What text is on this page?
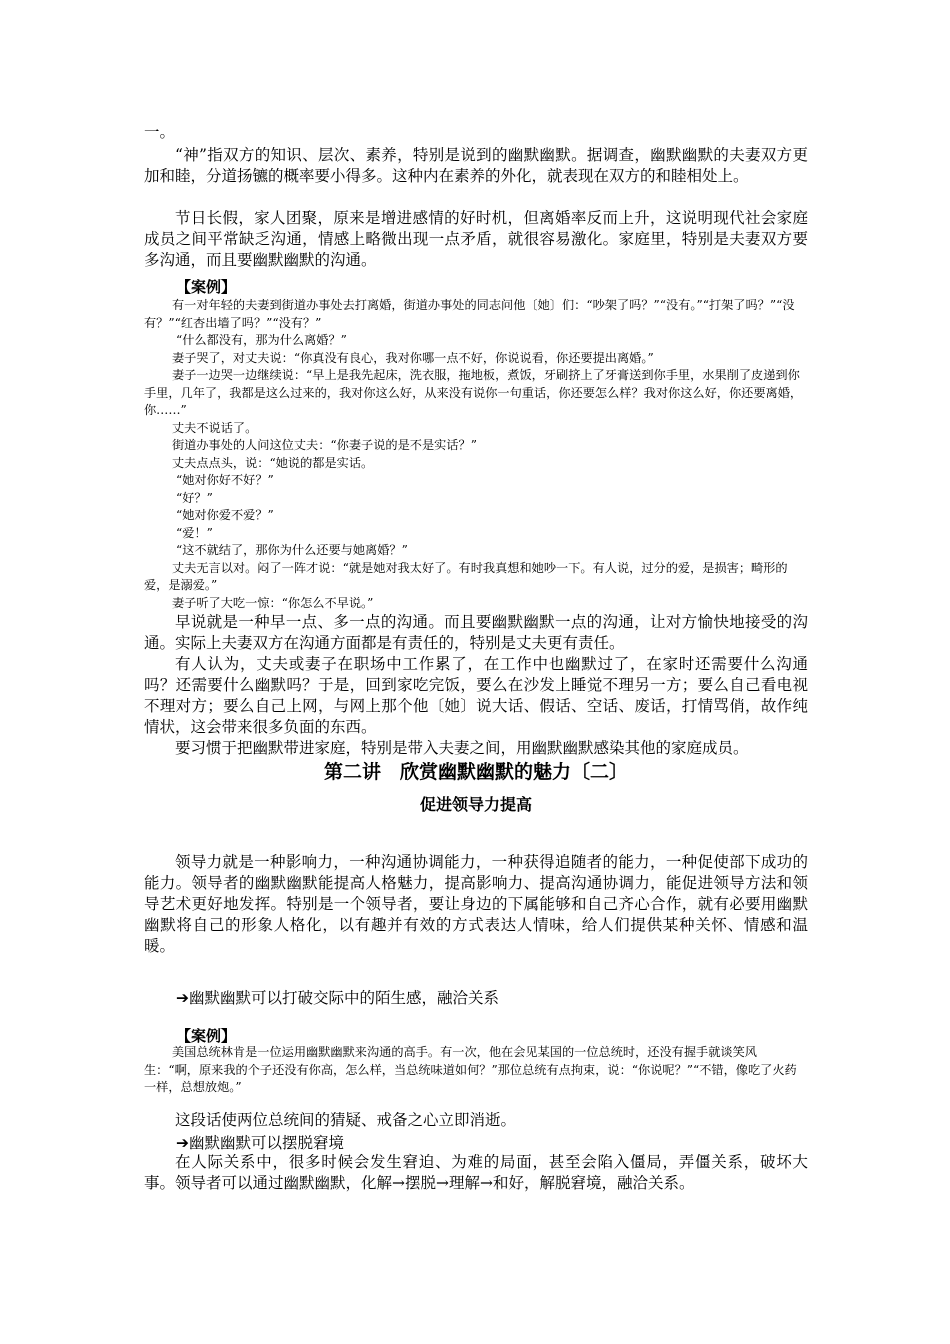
一。
“神”指双方的知识、层次、素养，特别是说到的幽默幽默。据调查，幽默幽默的夫妻双方更加和睦，分道扬镳的概率要小得多。这种内在素养的外化，就表现在双方的和睦相处上。
节日长假，家人团聚，原来是增进感情的好时机，但离婚率反而上升，这说明现代社会家庭成员之间平常缺乏沟通，情感上略微出现一点矛盾，就很容易激化。家庭里，特别是夫妻双方要多沟通，而且要幽默幽默的沟通。
【案例】
有一对年轻的夫妻到街道办事处去打离婚，街道办事处的同志问他〔她〕们：“吵架了吗？”“没有。”“打架了吗？”“没有？”“红杏出墙了吗？”“没有？”
“什么都没有，那为什么离婚？”
妻子哭了，对丈夫说：“你真没有良心，我对你哪一点不好，你说说看，你还要提出离婚。”
妻子一边哭一边继续说：“早上是我先起床，洗衣服，拖地板，煮饭，牙刷挤上了牙膏送到你手里，水果削了皮递到你手里，几年了，我都是这么过来的，我对你这么好，从来没有说你一句重话，你还要怎么样？我对你这么好，你还要离婚，你……”
丈夫不说话了。
街道办事处的人问这位丈夫：“你妻子说的是不是实话？”
丈夫点点头，说：“她说的都是实话。
“她对你好不好？”
“好？”
“她对你爱不爱？”
“爱！”
“这不就结了，那你为什么还要与她离婚？”
丈夫无言以对。闷了一阵才说：“就是她对我太好了。有时我真想和她吵一下。有人说，过分的爱，是损害；畸形的爱，是溺爱。”
妻子听了大吃一惊：“你怎么不早说。”
早说就是一种早一点、多一点的沟通。而且要幽默幽默一点的沟通，让对方愉快地接受的沟通。实际上夫妻双方在沟通方面都是有责任的，特别是丈夫更有责任。
有人认为，丈夫或妻子在职场中工作累了，在工作中也幽默过了，在家时还需要什么沟通吗？还需要什么幽默吗？于是，回到家吃完饭，要么在沙发上睡觉不理另一方；要么自己看电视不理对方；要么自己上网，与网上那个他〔她〕说大话、假话、空话、废话，打情骂俏，故作纯情状，这会带来很多负面的东西。
要习惯于把幽默带进家庭，特别是带入夫妻之间，用幽默幽默感染其他的家庭成员。
第二讲　欣赏幽默幽默的魅力〔二〕
促进领导力提高
领导力就是一种影响力，一种沟通协调能力，一种获得追随者的能力，一种促使部下成功的能力。领导者的幽默幽默能提高人格魅力，提高影响力、提高沟通协调力，能促进领导方法和领导艺术更好地发挥。特别是一个领导者，要让身边的下属能够和自己齐心合作，就有必要用幽默幽默将自己的形象人格化，以有趣并有效的方式表达人情味，给人们提供某种关怀、情感和温暖。
➔幽默幽默可以打破交际中的陌生感，融洽关系
【案例】
美国总统林肯是一位运用幽默幽默来沟通的高手。有一次，他在会见某国的一位总统时，还没有握手就谈笑风生：“啊，原来我的个子还没有你高，怎么样，当总统味道如何？”那位总统有点拘束，说：“你说呢？”“不错，像吃了火药一样，总想放炮。”
这段话使两位总统间的猜疑、戒备之心立即消逝。
➔幽默幽默可以摆脱窘境
在人际关系中，很多时候会发生窘迫、为难的局面，甚至会陷入僵局，弄僵关系，破坏大事。领导者可以通过幽默幽默，化解→摆脱→理解→和好，解脱窘境，融洽关系。
